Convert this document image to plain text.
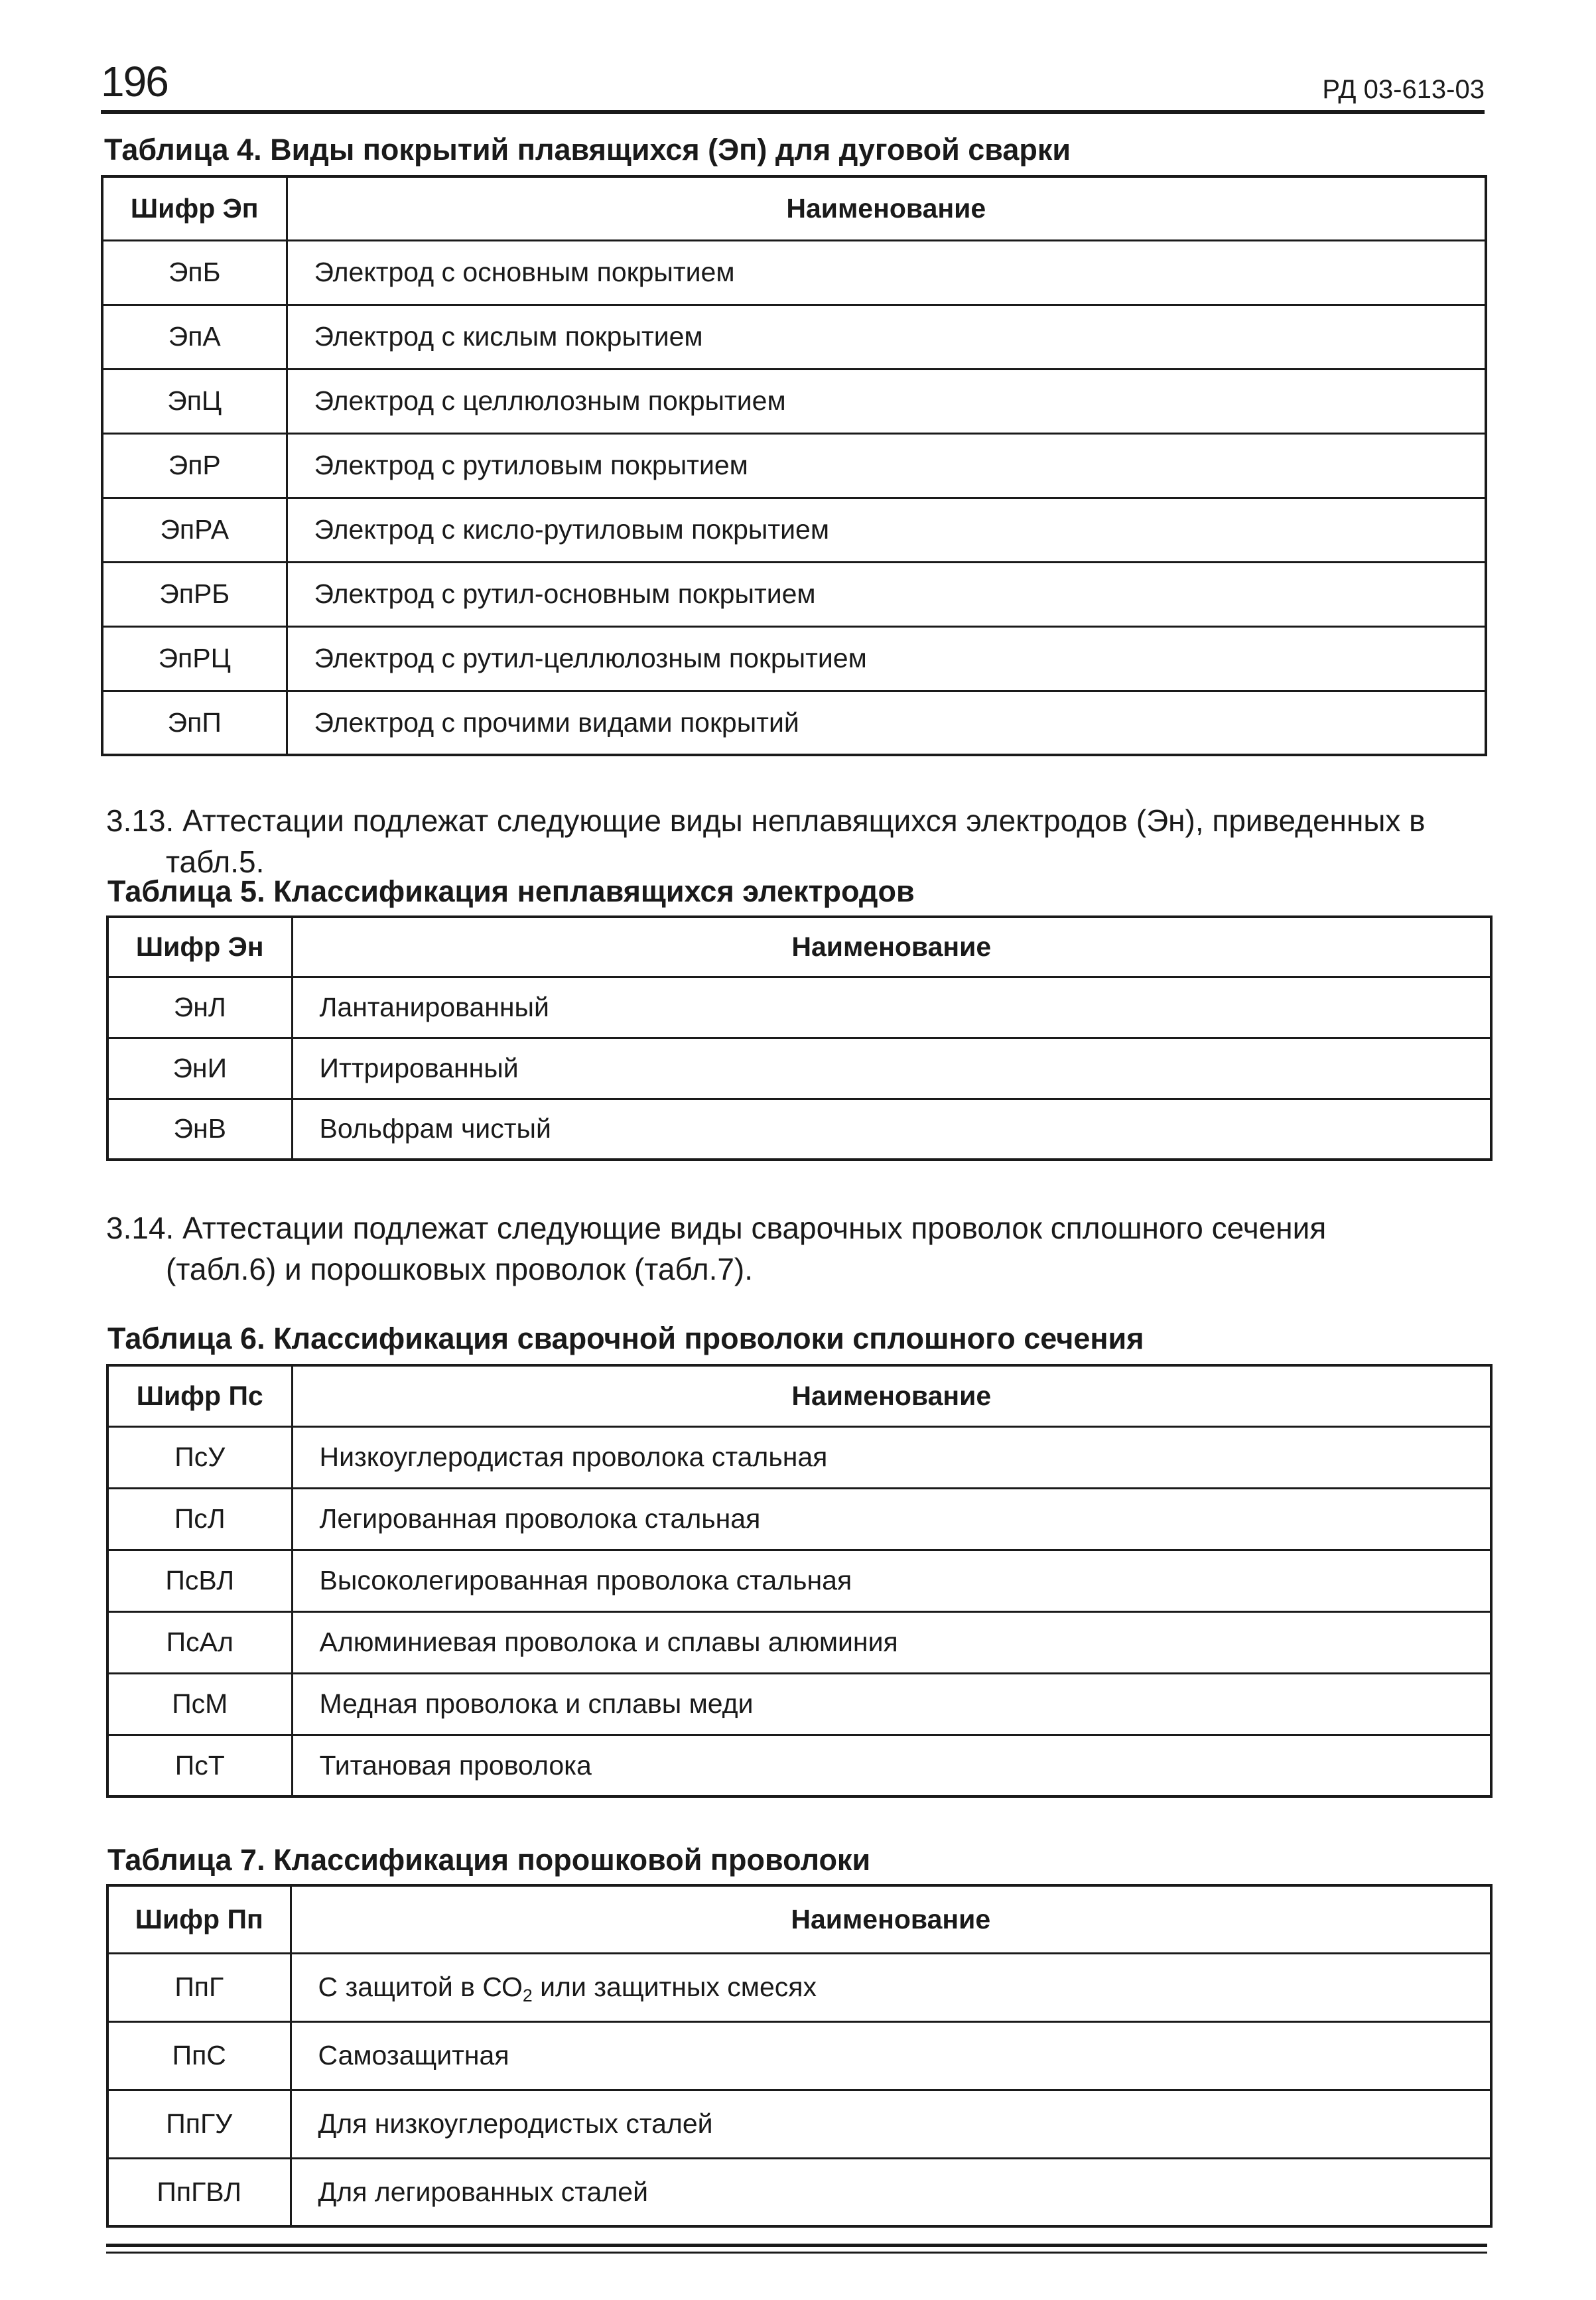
196	РД 03-613-03
Таблица 4. Виды покрытий плавящихся (Эп) для дуговой сварки
Шифр Эп	Наименование
ЭпБ	Электрод с основным покрытием
ЭпА	Электрод с кислым покрытием
ЭпЦ	Электрод с целлюлозным покрытием
ЭпР	Электрод с рутиловым покрытием
ЭпРА	Электрод с кисло-рутиловым покрытием
ЭпРБ	Электрод с рутил-основным покрытием
ЭпРЦ	Электрод с рутил-целлюлозным покрытием
ЭпП	Электрод с прочими видами покрытий
3.13. Аттестации подлежат следующие виды неплавящихся электродов (Эн), приведенных в
табл.5.
Таблица 5. Классификация неплавящихся электродов
Шифр Эн	Наименование
ЭнЛ	Лантанированный
ЭнИ	Иттрированный
ЭнВ	Вольфрам чистый
3.14. Аттестации подлежат следующие виды сварочных проволок сплошного сечения
(табл.6) и порошковых проволок (табл.7).
Таблица 6. Классификация сварочной проволоки сплошного сечения
Шифр Пс	Наименование
ПсУ	Низкоуглеродистая проволока стальная
ПсЛ	Легированная проволока стальная
ПсВЛ	Высоколегированная проволока стальная
ПсАл	Алюминиевая проволока и сплавы алюминия
ПсМ	Медная проволока и сплавы меди
ПсТ	Титановая проволока
Таблица 7. Классификация порошковой проволоки
Шифр Пп	Наименование
ПпГ	С защитой в $СО_2$ или защитных смесях
ПпС	Самозащитная
ПпГУ	Для низкоуглеродистых сталей
ПпГВЛ	Для легированных сталей
